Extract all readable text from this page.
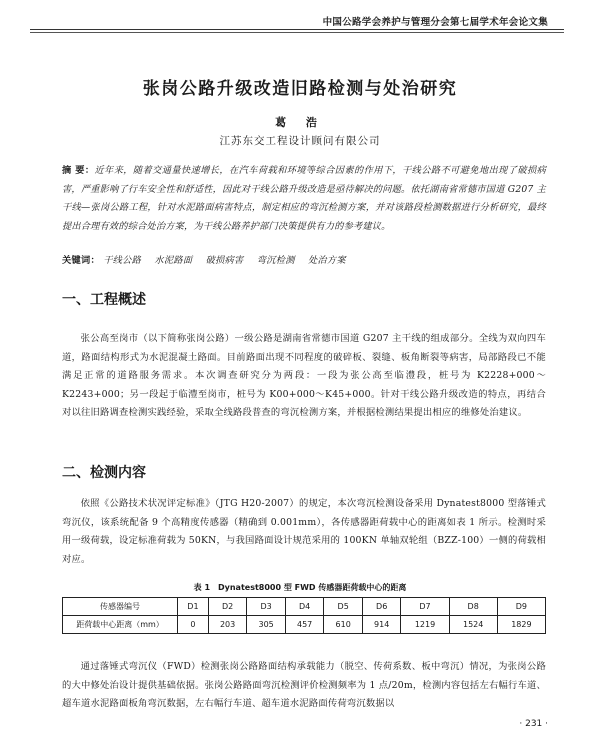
中国公路学会养护与管理分会第七届学术年会论文集
张岗公路升级改造旧路检测与处治研究
葛 浩
江苏东交工程设计顾问有限公司
摘 要：近年来，随着交通量快速增长，在汽车荷载和环境等综合因素的作用下，干线公路不可避免地出现了破损病害，严重影响了行车安全性和舒适性，因此对干线公路升级改造是亟待解决的问题。依托湖南省常德市国道 G207 主干线—张岗公路工程，针对水泥路面病害特点，制定相应的弯沉检测方案，并对该路段检测数据进行分析研究，最终提出合理有效的综合处治方案，为干线公路养护部门决策提供有力的参考建议。
关键词： 干线公路 水泥路面 破损病害 弯沉检测 处治方案
一、工程概述
张公高至岗市（以下简称张岗公路）一级公路是湖南省常德市国道 G207 主干线的组成部分。全线为双向四车道，路面结构形式为水泥混凝土路面。目前路面出现不同程度的破碎板、裂缝、板角断裂等病害，局部路段已不能满足正常的道路服务需求。本次调查研究分为两段：一段为张公高至临澧段，桩号为 K2228+000～K2243+000；另一段起于临澧至岗市，桩号为 K00+000～K45+000。针对干线公路升级改造的特点，再结合对以往旧路调查检测实践经验，采取全线路段普查的弯沉检测方案，并根据检测结果提出相应的维修处治建议。
二、检测内容
依照《公路技术状况评定标准》（JTG H20-2007）的规定，本次弯沉检测设备采用 Dynatest8000 型落锤式弯沉仪，该系统配备 9 个高精度传感器（精确到 0.001mm），各传感器距荷载中心的距离如表 1 所示。检测时采用一级荷载，设定标准荷载为 50KN，与我国路面设计规范采用的 100KN 单轴双轮组（BZZ-100）一侧的荷载相对应。
表 1　Dynatest8000 型 FWD 传感器距荷载中心的距离
传感器编号	D1	D2	D3	D4	D5	D6	D7	D8	D9
距荷载中心距离（mm）	0	203	305	457	610	914	1219	1524	1829
通过落锤式弯沉仪（FWD）检测张岗公路路面结构承载能力（脱空、传荷系数、板中弯沉）情况，为张岗公路的大中修处治设计提供基础依据。张岗公路路面弯沉检测评价检测频率为 1 点/20m，检测内容包括左右幅行车道、超车道水泥路面板角弯沉数据，左右幅行车道、超车道水泥路面传荷弯沉数据以
· 231 ·
